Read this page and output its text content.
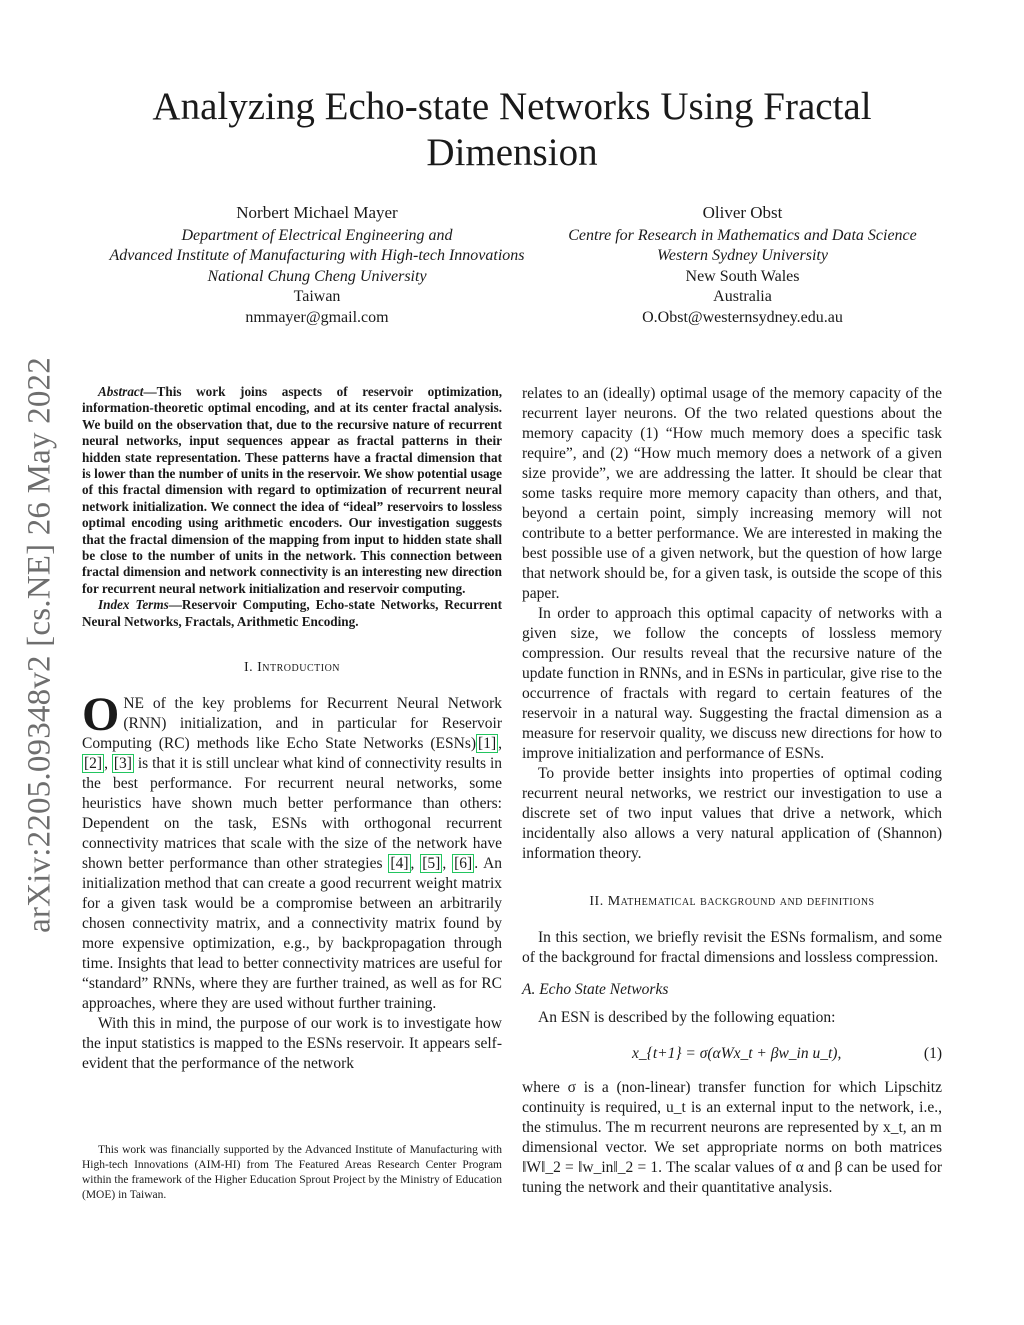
arXiv:2205.09348v2 [cs.NE] 26 May 2022
Analyzing Echo-state Networks Using Fractal Dimension
Norbert Michael Mayer
Department of Electrical Engineering and
Advanced Institute of Manufacturing with High-tech Innovations
National Chung Cheng University
Taiwan
nmmayer@gmail.com
Oliver Obst
Centre for Research in Mathematics and Data Science
Western Sydney University
New South Wales
Australia
O.Obst@westernsydney.edu.au

Abstract—This work joins aspects of reservoir optimization, information-theoretic optimal encoding, and at its center fractal analysis. We build on the observation that, due to the recursive nature of recurrent neural networks, input sequences appear as fractal patterns in their hidden state representation. These patterns have a fractal dimension that is lower than the number of units in the reservoir. We show potential usage of this fractal dimension with regard to optimization of recurrent neural network initialization. We connect the idea of “ideal” reservoirs to lossless optimal encoding using arithmetic encoders. Our investigation suggests that the fractal dimension of the mapping from input to hidden state shall be close to the number of units in the network. This connection between fractal dimension and network connectivity is an interesting new direction for recurrent neural network initialization and reservoir computing.

Index Terms—Reservoir Computing, Echo-state Networks, Recurrent Neural Networks, Fractals, Arithmetic Encoding.

I. Introduction

ONE of the key problems for Recurrent Neural Network (RNN) initialization, and in particular for Reservoir Computing (RC) methods like Echo State Networks (ESNs) [1] , [2] , [3] is that it is still unclear what kind of connectivity results in the best performance. For recurrent neural networks, some heuristics have shown much better performance than others: Dependent on the task, ESNs with orthogonal recurrent connectivity matrices that scale with the size of the network have shown better performance than other strategies [4] , [5] , [6] . An initialization method that can create a good recurrent weight matrix for a given task would be a compromise between an arbitrarily chosen connectivity matrix, and a connectivity matrix found by more expensive optimization, e.g., by backpropagation through time. Insights that lead to better connectivity matrices are useful for “standard” RNNs, where they are further trained, as well as for RC approaches, where they are used without further training.

With this in mind, the purpose of our work is to investigate how the input statistics is mapped to the ESNs reservoir. It appears self-evident that the performance of the network

This work was financially supported by the Advanced Institute of Manufacturing with High-tech Innovations (AIM-HI) from The Featured Areas Research Center Program within the framework of the Higher Education Sprout Project by the Ministry of Education (MOE) in Taiwan.

relates to an (ideally) optimal usage of the memory capacity of the recurrent layer neurons. Of the two related questions about the memory capacity (1) “How much memory does a specific task require”, and (2) “How much memory does a network of a given size provide”, we are addressing the latter. It should be clear that some tasks require more memory capacity than others, and that, beyond a certain point, simply increasing memory will not contribute to a better performance. We are interested in making the best possible use of a given network, but the question of how large that network should be, for a given task, is outside the scope of this paper.

In order to approach this optimal capacity of networks with a given size, we follow the concepts of lossless memory compression. Our results reveal that the recursive nature of the update function in RNNs, and in ESNs in particular, give rise to the occurrence of fractals with regard to certain features of the reservoir in a natural way. Suggesting the fractal dimension as a measure for reservoir quality, we discuss new directions for how to improve initialization and performance of ESNs.

To provide better insights into properties of optimal coding recurrent neural networks, we restrict our investigation to use a discrete set of two input values that drive a network, which incidentally also allows a very natural application of (Shannon) information theory.

II. Mathematical background and definitions

In this section, we briefly revisit the ESNs formalism, and some of the background for fractal dimensions and lossless compression.

A. Echo State Networks

An ESN is described by the following equation:

x_{t+1} = σ(αWx_t + βw_in u_t),	(1)

where σ is a (non-linear) transfer function for which Lipschitz continuity is required, u_t is an external input to the network, i.e., the stimulus. The m recurrent neurons are represented by x_t, an m dimensional vector. We set appropriate norms on both matrices ‖W‖_2 = ‖w_in‖_2 = 1. The scalar values of α and β can be used for tuning the network and their quantitative analysis.
